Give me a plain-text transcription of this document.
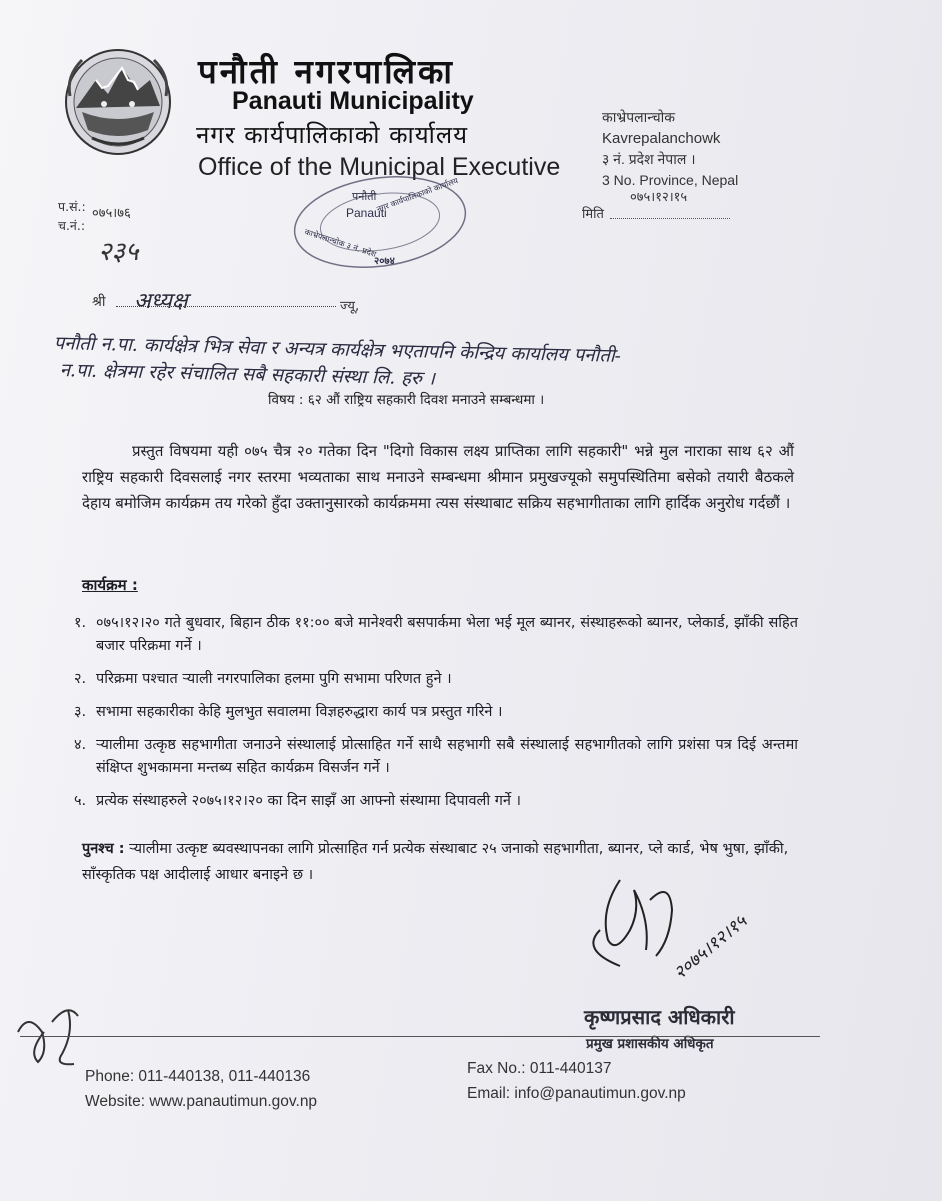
पनौती नगरपालिका
Panauti Municipality
नगर कार्यपालिकाको कार्यालय
Office of the Municipal Executive
काभ्रेपलान्चोक
Kavrepalanchowk
३ नं. प्रदेश नेपाल ।
3 No. Province, Nepal
पनौती
Panauti
नगर कार्यपालिकाको कार्यालय
काभ्रेपलान्चोक ३ नं. प्रदेश
२०७४
प.सं.:
च.नं.:
०७५।७६
२३५
०७५।१२।१५
मिति
श्री अध्यक्ष	ज्यू,
पनौती न.पा. कार्यक्षेत्र भित्र सेवा र अन्यत्र कार्यक्षेत्र भएतापनि केन्द्रिय कार्यालय पनौती-
न.पा. क्षेत्रमा रहेर संचालित सबै सहकारी संस्था लि. हरु ।
विषय : ६२ औं राष्ट्रिय सहकारी दिवश मनाउने सम्बन्धमा ।

प्रस्तुत विषयमा यही ०७५ चैत्र २० गतेका दिन "दिगो विकास लक्ष्य प्राप्तिका लागि सहकारी" भन्ने मुल नाराका साथ ६२ औं राष्ट्रिय सहकारी दिवसलाई नगर स्तरमा भव्यताका साथ मनाउने सम्बन्धमा श्रीमान प्रमुखज्यूको समुपस्थितिमा बसेको तयारी बैठकले देहाय बमोजिम कार्यक्रम तय गरेको हुँदा उक्तानुसारको कार्यक्रममा त्यस संस्थाबाट सक्रिय सहभागीताका लागि हार्दिक अनुरोध गर्दछौं ।

कार्यक्रम :
१. ०७५।१२।२० गते बुधवार, बिहान ठीक ११:०० बजे मानेश्वरी बसपार्कमा भेला भई मूल ब्यानर, संस्थाहरूको ब्यानर, प्लेकार्ड, झाँकी सहित बजार परिक्रमा गर्ने ।
२. परिक्रमा पश्चात र्‍याली नगरपालिका हलमा पुगि सभामा परिणत हुने ।
३. सभामा सहकारीका केहि मुलभुत सवालमा विज्ञहरुद्धारा कार्य पत्र प्रस्तुत गरिने ।
४. र्‍यालीमा उत्कृष्ठ सहभागीता जनाउने संस्थालाई प्रोत्साहित गर्ने साथै सहभागी सबै संस्थालाई सहभागीतको लागि प्रशंसा पत्र दिई अन्तमा संक्षिप्त शुभकामना मन्तब्य सहित कार्यक्रम विसर्जन गर्ने ।
५. प्रत्येक संस्थाहरुले २०७५।१२।२० का दिन साझँ आ आफ्नो संस्थामा दिपावली गर्ने ।
पुनश्च : र्‍यालीमा उत्कृष्ट ब्यवस्थापनका लागि प्रोत्साहित गर्न प्रत्येक संस्थाबाट २५ जनाको सहभागीता, ब्यानर, प्ले कार्ड, भेष भुषा, झाँकी, साँस्कृतिक पक्ष आदीलाई आधार बनाइने छ ।
२०७५।१२।१५
कृष्णप्रसाद अधिकारी
प्रमुख प्रशासकीय अधिकृत
Phone: 011-440138, 011-440136
Website: www.panautimun.gov.np
Fax No.: 011-440137
Email: info@panautimun.gov.np
